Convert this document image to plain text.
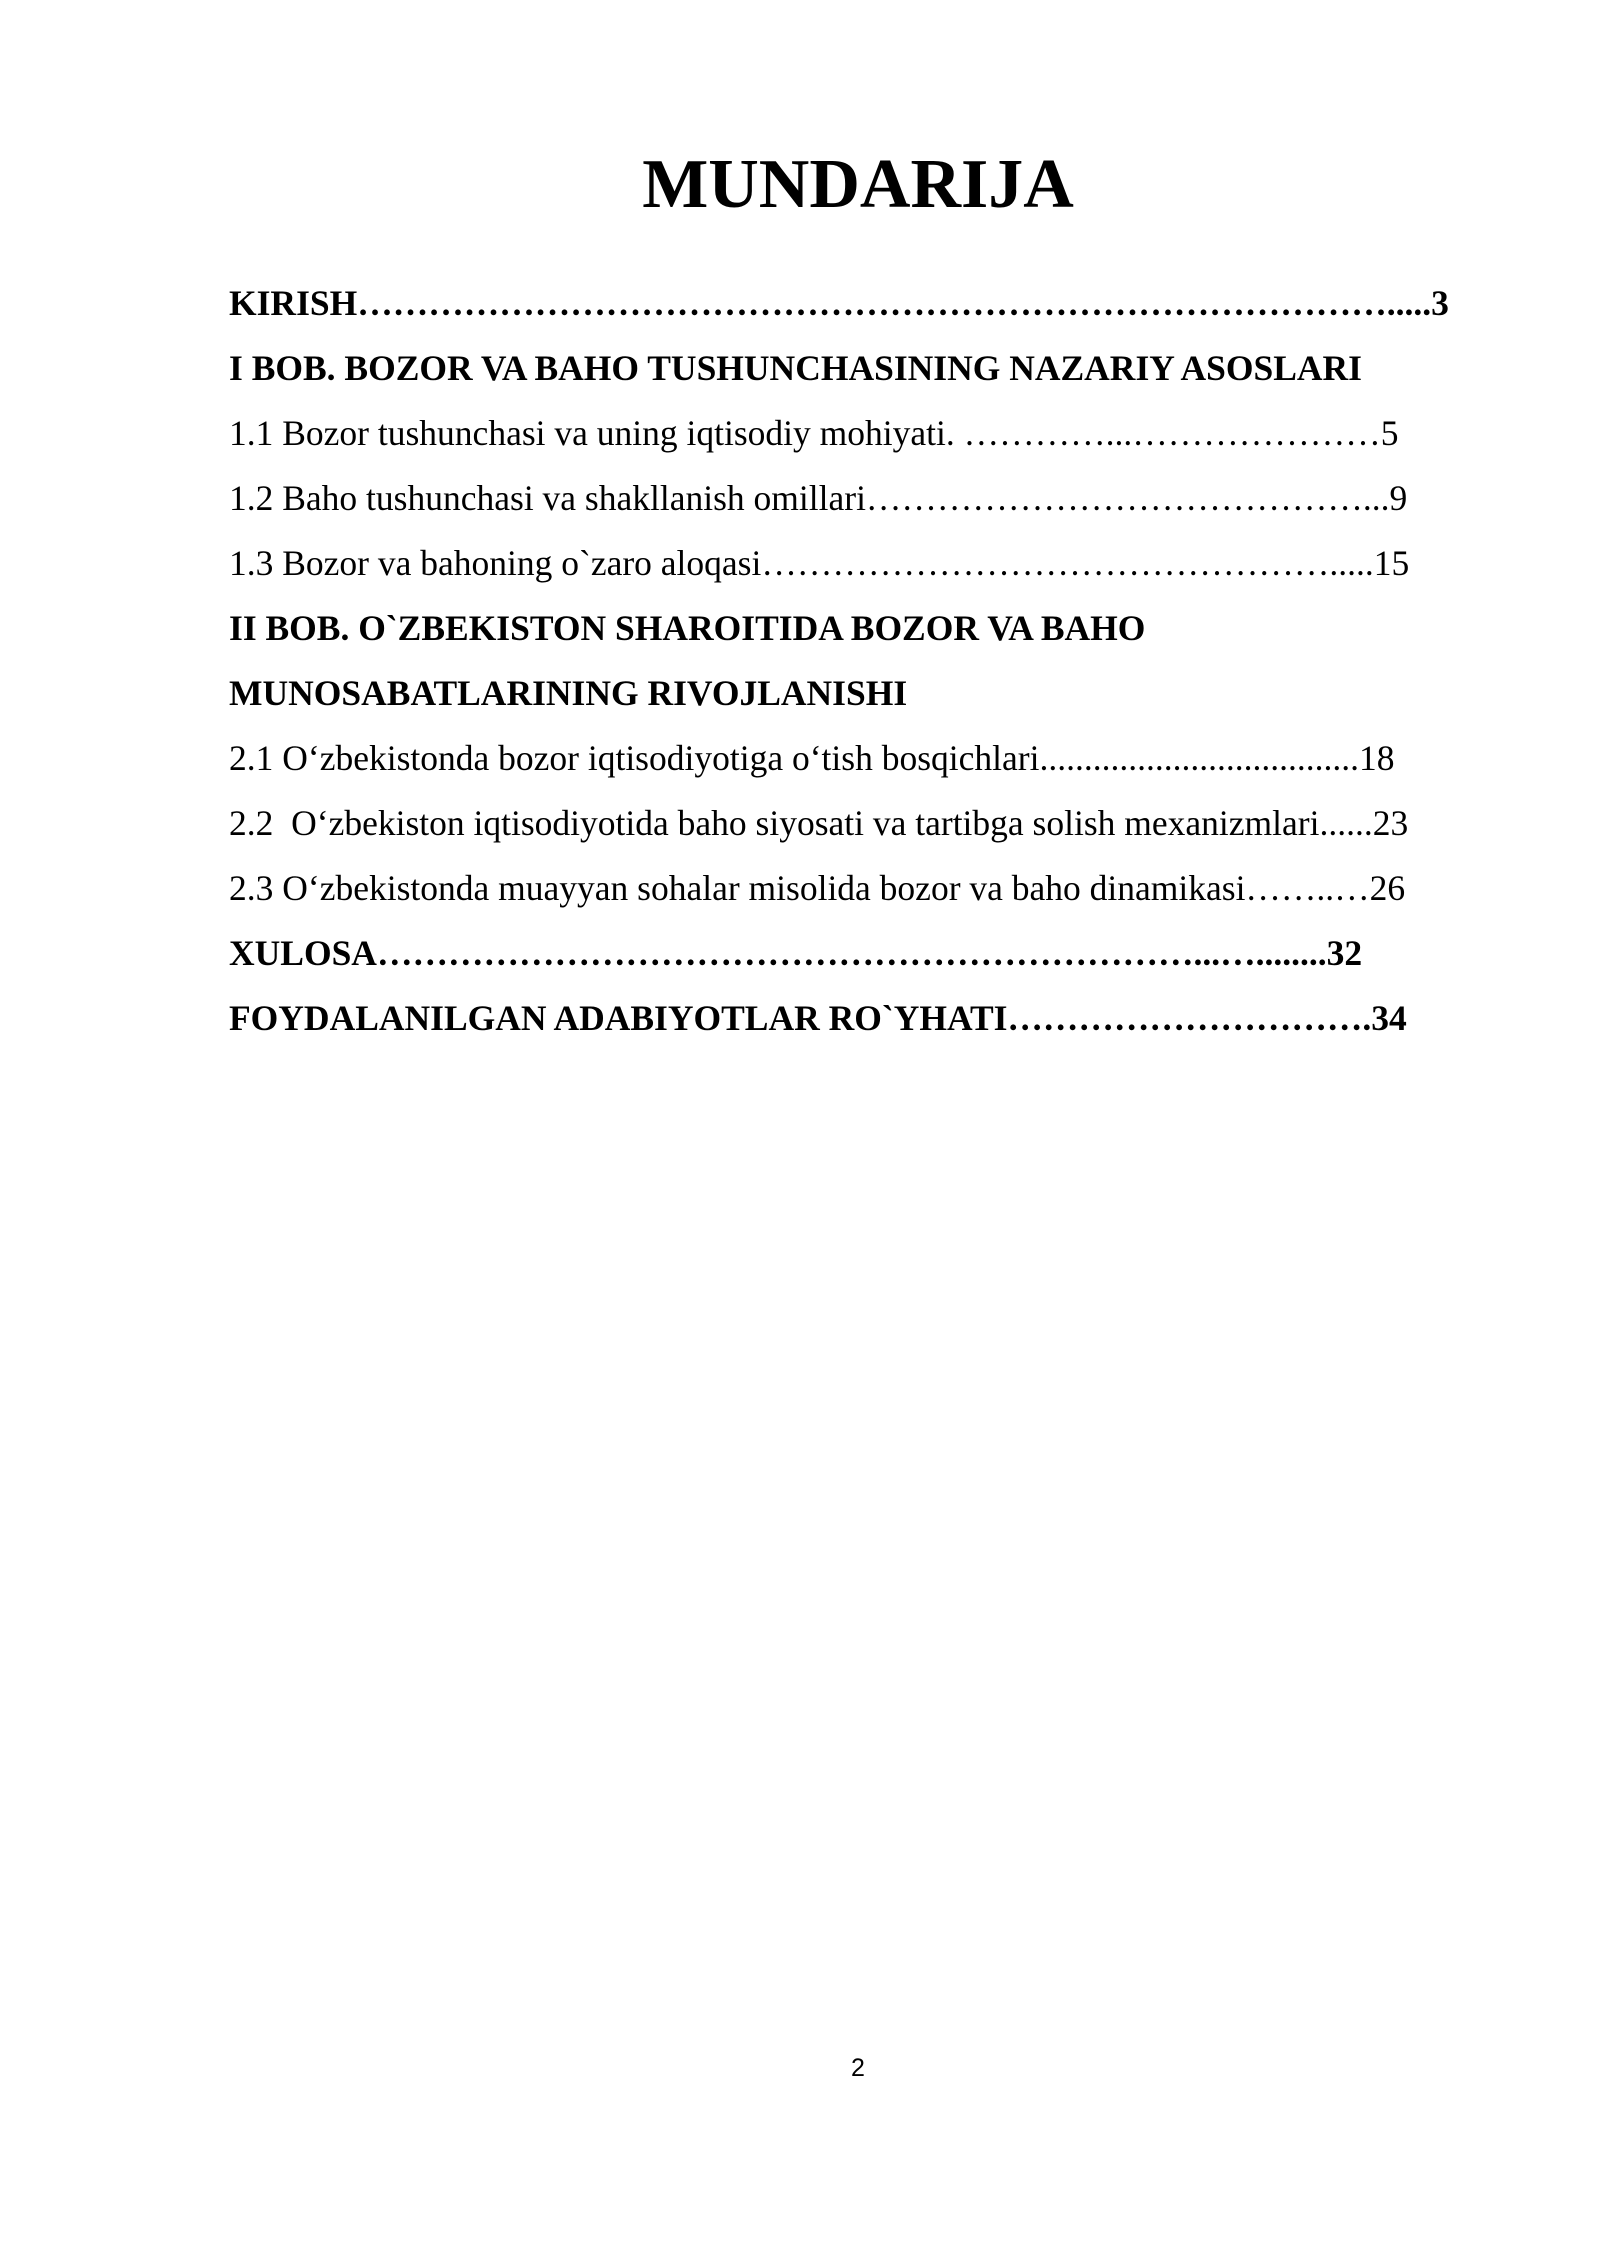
MUNDARIJA
KIRISH…………………………………………………………………………….....3
I BOB. BOZOR VA BAHO TUSHUNCHASINING NAZARIY ASOSLARI
1.1 Bozor tushunchasi va uning iqtisodiy mohiyati. …………...…………………5
1.2 Baho tushunchasi va shakllanish omillari……………………………………...9
1.3 Bozor va bahoning o`zaro aloqasi………………………………………….....15
II BOB. O`ZBEKISTON SHAROITIDA BOZOR VA BAHO
MUNOSABATLARINING RIVOJLANISHI
2.1 O‘zbekistonda bozor iqtisodiyotiga o‘tish bosqichlari....................................18
2.2  O‘zbekiston iqtisodiyotida baho siyosati va tartibga solish mexanizmlari......23
2.3 O‘zbekistonda muayyan sohalar misolida bozor va baho dinamikasi……..…26
XULOSA……………………………………………………………...…........32
FOYDALANILGAN ADABIYOTLAR RO`YHATI………………………….34
2
